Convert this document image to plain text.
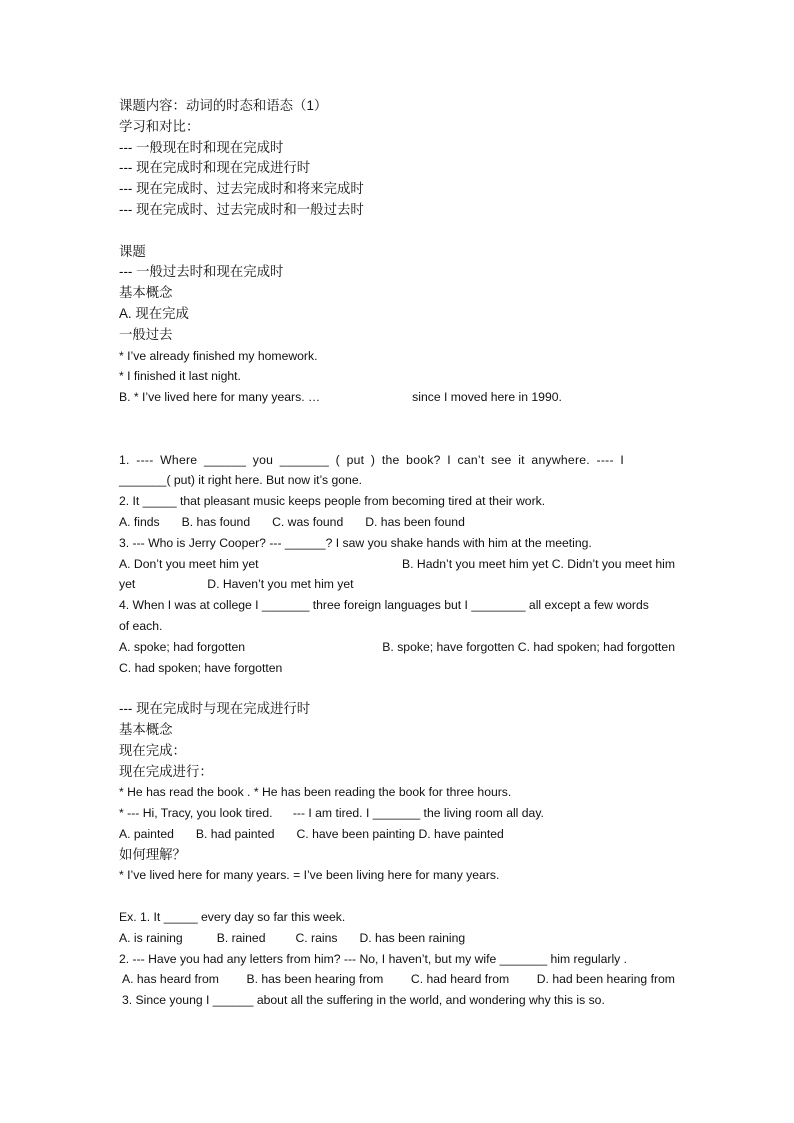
课题内容：动词的时态和语态（1）
学习和对比：
--- 一般现在时和现在完成时
--- 现在完成时和现在完成进行时
--- 现在完成时、过去完成时和将来完成时
--- 现在完成时、过去完成时和一般过去时
课题
--- 一般过去时和现在完成时
基本概念
A. 现在完成
一般过去
* I’ve already finished my homework.
* I finished it last night.
B. * I’ve lived here for many years. …	since I moved here in 1990.
1. ---- Where ______ you _______ ( put ) the book? I can’t see it anywhere. ---- I
_______( put) it right here. But now it’s gone.
2. It _____ that pleasant music keeps people from becoming tired at their work.
A. finds B. has found C. was found D. has been found
3. --- Who is Jerry Cooper? --- ______? I saw you shake hands with him at the meeting.
A. Don’t you meet him yet	B. Hadn’t you meet him yet C. Didn’t you meet him
yet	D. Haven’t you met him yet
4. When I was at college I _______ three foreign languages but I ________ all except a few words
of each.
A. spoke; had forgotten	B. spoke; have forgotten C. had spoken; had forgotten
C. had spoken; have forgotten
--- 现在完成时与现在完成进行时
基本概念
现在完成：
现在完成进行：
* He has read the book . * He has been reading the book for three hours.
* --- Hi, Tracy, you look tired.      --- I am tired. I _______ the living room all day.
A. painted B. had painted C. have been painting D. have painted
如何理解？
* I’ve lived here for many years. = I’ve been living here for many years.
Ex. 1. It _____ every day so far this week.
A. is raining	B. rained C. rains D. has been raining
2. --- Have you had any letters from him? --- No, I haven’t, but my wife _______ him regularly .
A. has heard from B. has been hearing from C. had heard from D. had been hearing from
3. Since young I ______ about all the suffering in the world, and wondering why this is so.
